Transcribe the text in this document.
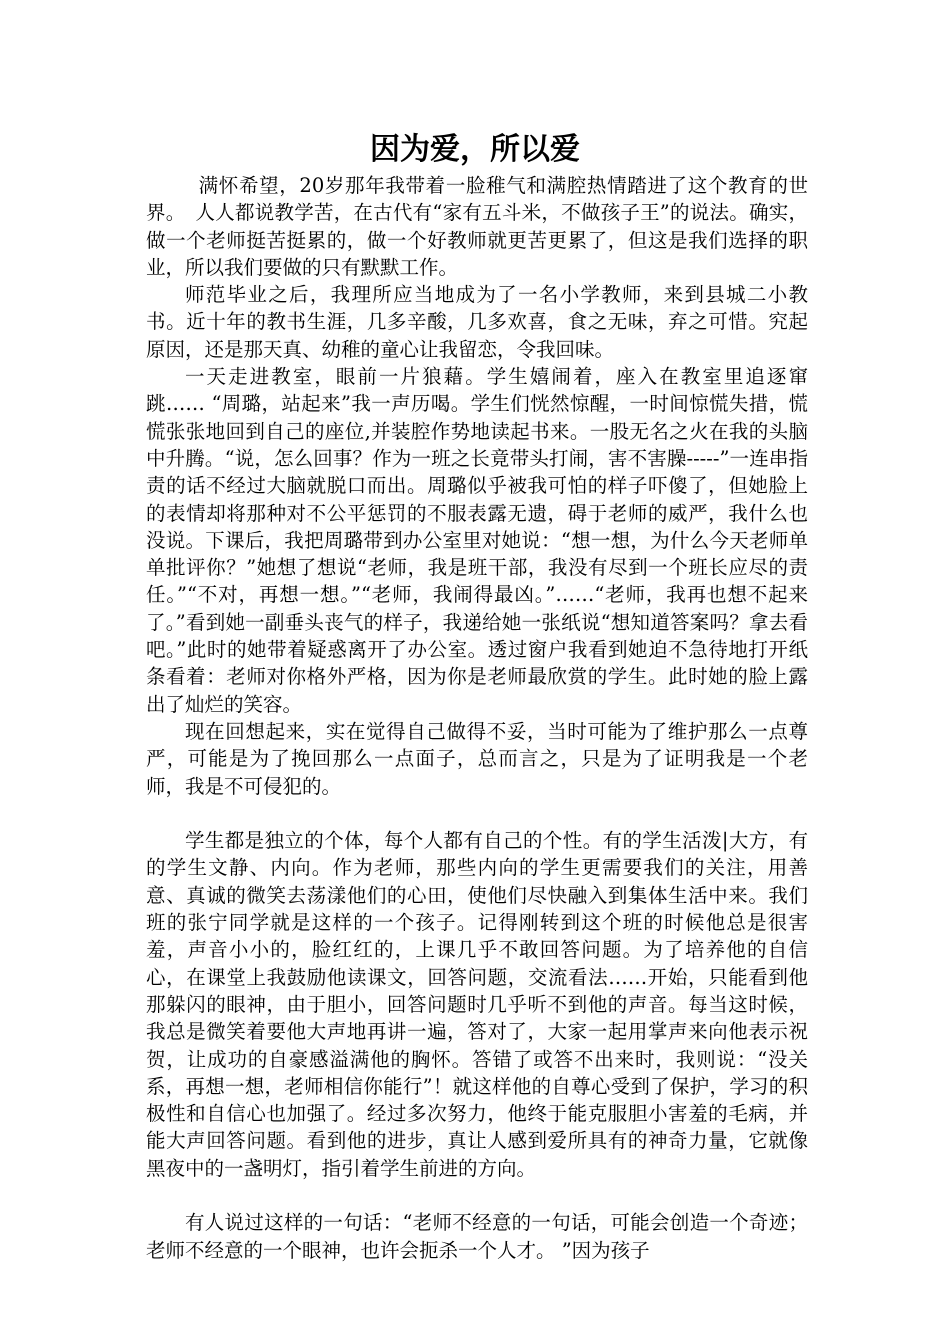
因为爱，所以爱

满怀希望，20岁那年我带着一脸稚气和满腔热情踏进了这个教育的世界。　人人都说教学苦，在古代有“家有五斗米，不做孩子王”的说法。确实，做一个老师挺苦挺累的，做一个好教师就更苦更累了，但这是我们选择的职业，所以我们要做的只有默默工作。

师范毕业之后，我理所应当地成为了一名小学教师，来到县城二小教书。近十年的教书生涯，几多辛酸，几多欢喜，食之无味，弃之可惜。究起原因，还是那天真、幼稚的童心让我留恋，令我回味。

一天走进教室，眼前一片狼藉。学生嬉闹着，座入在教室里追逐窜跳…… “周璐，站起来”我一声历喝。学生们恍然惊醒，一时间惊慌失措，慌慌张张地回到自己的座位,并装腔作势地读起书来。一股无名之火在我的头脑中升腾。“说，怎么回事？作为一班之长竟带头打闹，害不害臊-----”一连串指责的话不经过大脑就脱口而出。周璐似乎被我可怕的样子吓傻了，但她脸上的表情却将那种对不公平惩罚的不服表露无遗，碍于老师的威严，我什么也没说。下课后，我把周璐带到办公室里对她说：“想一想，为什么今天老师单单批评你？”她想了想说“老师，我是班干部，我没有尽到一个班长应尽的责任。”“不对，再想一想。”“老师，我闹得最凶。”……“老师，我再也想不起来了。”看到她一副垂头丧气的样子，我递给她一张纸说“想知道答案吗？拿去看吧。”此时的她带着疑惑离开了办公室。透过窗户我看到她迫不急待地打开纸条看着：老师对你格外严格，因为你是老师最欣赏的学生。此时她的脸上露出了灿烂的笑容。

现在回想起来，实在觉得自己做得不妥，当时可能为了维护那么一点尊严，可能是为了挽回那么一点面子，总而言之，只是为了证明我是一个老师，我是不可侵犯的。

学生都是独立的个体，每个人都有自己的个性。有的学生活泼|大方，有的学生文静、内向。作为老师，那些内向的学生更需要我们的关注，用善意、真诚的微笑去荡漾他们的心田，使他们尽快融入到集体生活中来。我们班的张宁同学就是这样的一个孩子。记得刚转到这个班的时候他总是很害羞，声音小小的，脸红红的，上课几乎不敢回答问题。为了培养他的自信心，在课堂上我鼓励他读课文，回答问题，交流看法……开始，只能看到他那躲闪的眼神，由于胆小，回答问题时几乎听不到他的声音。每当这时候，我总是微笑着要他大声地再讲一遍，答对了，大家一起用掌声来向他表示祝贺，让成功的自豪感溢满他的胸怀。答错了或答不出来时，我则说：“没关系，再想一想，老师相信你能行”！就这样他的自尊心受到了保护，学习的积极性和自信心也加强了。经过多次努力，他终于能克服胆小害羞的毛病，并能大声回答问题。看到他的进步，真让人感到爱所具有的神奇力量，它就像黑夜中的一盏明灯，指引着学生前进的方向。

有人说过这样的一句话：“老师不经意的一句话，可能会创造一个奇迹；老师不经意的一个眼神，也许会扼杀一个人才。 ”因为孩子
